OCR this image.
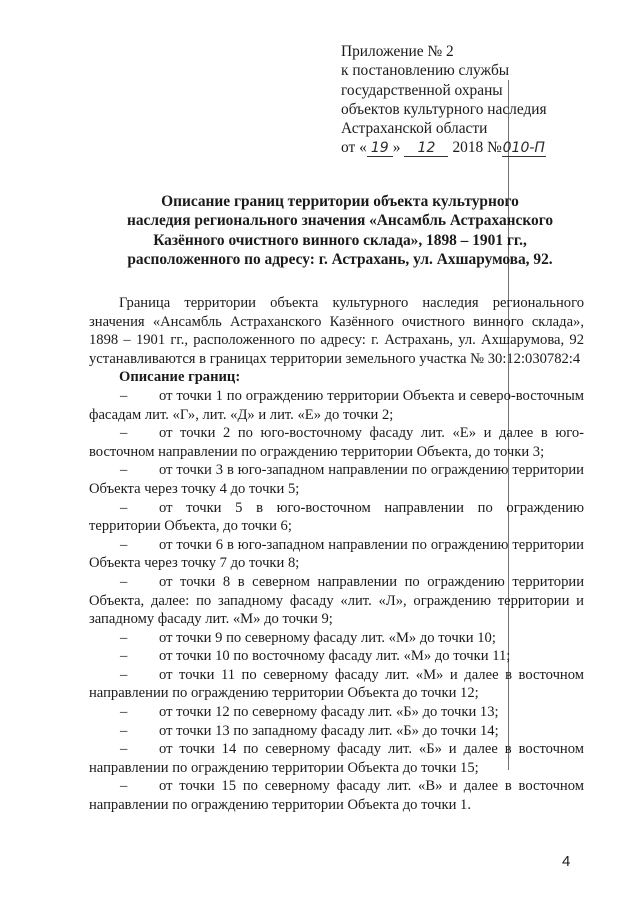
Приложение № 2
к постановлению службы
государственной охраны
объектов культурного наследия
Астраханской области
от « 19 » 12 2018 №010-П
Описание границ территории объекта культурного
наследия регионального значения «Ансамбль Астраханского
Казённого очистного винного склада», 1898 – 1901 гг.,
расположенного по адресу: г. Астрахань, ул. Ахшарумова, 92.
Граница территории объекта культурного наследия регионального
значения «Ансамбль Астраханского Казённого очистного винного склада»,
1898 – 1901 гг., расположенного по адресу: г. Астрахань, ул. Ахшарумова, 92
устанавливаются в границах территории земельного участка № 30:12:030782:4
Описание границ:
–	от точки 1 по ограждению территории Объекта и северо-восточным
фасадам лит. «Г», лит. «Д» и лит. «Е» до точки 2;
–	от точки 2 по юго-восточному фасаду лит. «Е» и далее в юго-
восточном направлении по ограждению территории Объекта, до точки 3;
–	от точки 3 в юго-западном направлении по ограждению территории
Объекта через точку 4 до точки 5;
–	от точки 5 в юго-восточном направлении по ограждению
территории Объекта, до точки 6;
–	от точки 6 в юго-западном направлении по ограждению территории
Объекта через точку 7 до точки 8;
–	от точки 8 в северном направлении по ограждению территории
Объекта, далее: по западному фасаду «лит. «Л», ограждению территории и
западному фасаду лит. «М» до точки 9;
–	от точки 9 по северному фасаду лит. «М» до точки 10;
–	от точки 10 по восточному фасаду лит. «М» до точки 11;
–	от точки 11 по северному фасаду лит. «М» и далее в восточном
направлении по ограждению территории Объекта до точки 12;
–	от точки 12 по северному фасаду лит. «Б» до точки 13;
–	от точки 13 по западному фасаду лит. «Б» до точки 14;
–	от точки 14 по северному фасаду лит. «Б» и далее в восточном
направлении по ограждению территории Объекта до точки 15;
–	от точки 15 по северному фасаду лит. «В» и далее в восточном
направлении по ограждению территории Объекта до точки 1.
4
